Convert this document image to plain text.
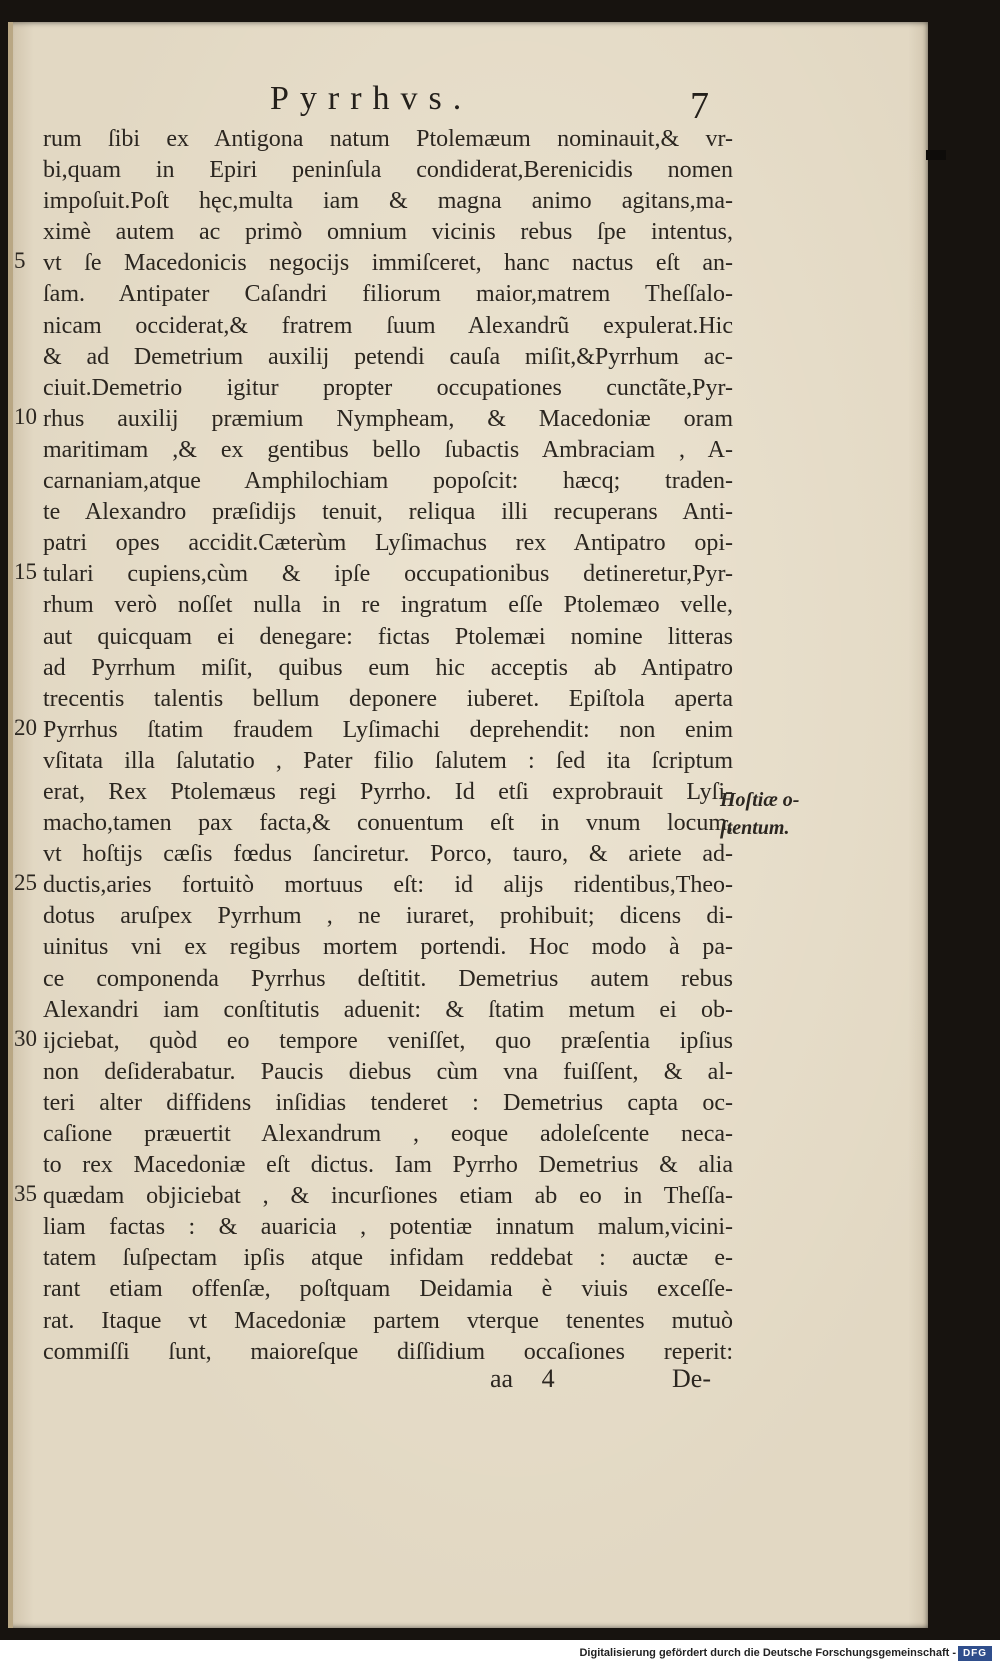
Pyrrhvs.	7
rum ſibi ex Antigona natum Ptolemæum nominauit,& vr-
bi,quam in Epiri peninſula condiderat,Berenicidis nomen
impoſuit.Poſt hęc,multa iam & magna animo agitans,ma-
ximè autem ac primò omnium vicinis rebus ſpe intentus,
vt ſe Macedonicis negocijs immiſceret, hanc nactus eſt an-
ſam. Antipater Caſandri filiorum maior,matrem Theſſalo-
nicam occiderat,& fratrem ſuum Alexandrũ expulerat.Hic
& ad Demetrium auxilij petendi cauſa miſit,&Pyrrhum ac-
ciuit.Demetrio igitur propter occupationes cunctãte,Pyr-
rhus auxilij præmium Nympheam, & Macedoniæ oram
maritimam ,& ex gentibus bello ſubactis Ambraciam , A-
carnaniam,atque Amphilochiam popoſcit: hæcq; traden-
te Alexandro præſidijs tenuit, reliqua illi recuperans Anti-
patri opes accidit.Cæterùm Lyſimachus rex Antipatro opi-
tulari cupiens,cùm & ipſe occupationibus detineretur,Pyr-
rhum verò noſſet nulla in re ingratum eſſe Ptolemæo velle,
aut quicquam ei denegare: fictas Ptolemæi nomine litteras
ad Pyrrhum miſit, quibus eum hic acceptis ab Antipatro
trecentis talentis bellum deponere iuberet. Epiſtola aperta
Pyrrhus ſtatim fraudem Lyſimachi deprehendit: non enim
vſitata illa ſalutatio , Pater filio ſalutem : ſed ita ſcriptum
erat, Rex Ptolemæus regi Pyrrho. Id etſi exprobrauit Lyſi-
macho,tamen pax facta,& conuentum eſt in vnum locum,
vt hoſtijs cæſis fœdus ſanciretur. Porco, tauro, & ariete ad-
ductis,aries fortuitò mortuus eſt: id alijs ridentibus,Theo-
dotus aruſpex Pyrrhum , ne iuraret, prohibuit; dicens di-
uinitus vni ex regibus mortem portendi. Hoc modo à pa-
ce componenda Pyrrhus deſtitit. Demetrius autem rebus
Alexandri iam conſtitutis aduenit: & ſtatim metum ei ob-
ijciebat, quòd eo tempore veniſſet, quo præſentia ipſius
non deſiderabatur. Paucis diebus cùm vna fuiſſent, & al-
teri alter diffidens inſidias tenderet : Demetrius capta oc-
caſione præuertit Alexandrum , eoque adoleſcente neca-
to rex Macedoniæ eſt dictus. Iam Pyrrho Demetrius & alia
quædam objiciebat , & incurſiones etiam ab eo in Theſſa-
liam factas : & auaricia , potentiæ innatum malum,vicini-
tatem ſuſpectam ipſis atque infidam reddebat : auctæ e-
rant etiam offenſæ, poſtquam Deidamia è viuis exceſſe-
rat. Itaque vt Macedoniæ partem vterque tenentes mutuò
commiſſi ſunt, maioreſque diſſidium occaſiones reperit:
Hoſtiæ o-
ſtentum.
aa 4	De-
Digitalisierung gefördert durch die Deutsche Forschungsgemeinschaft - DFG
5
10
15
20
25
30
35
